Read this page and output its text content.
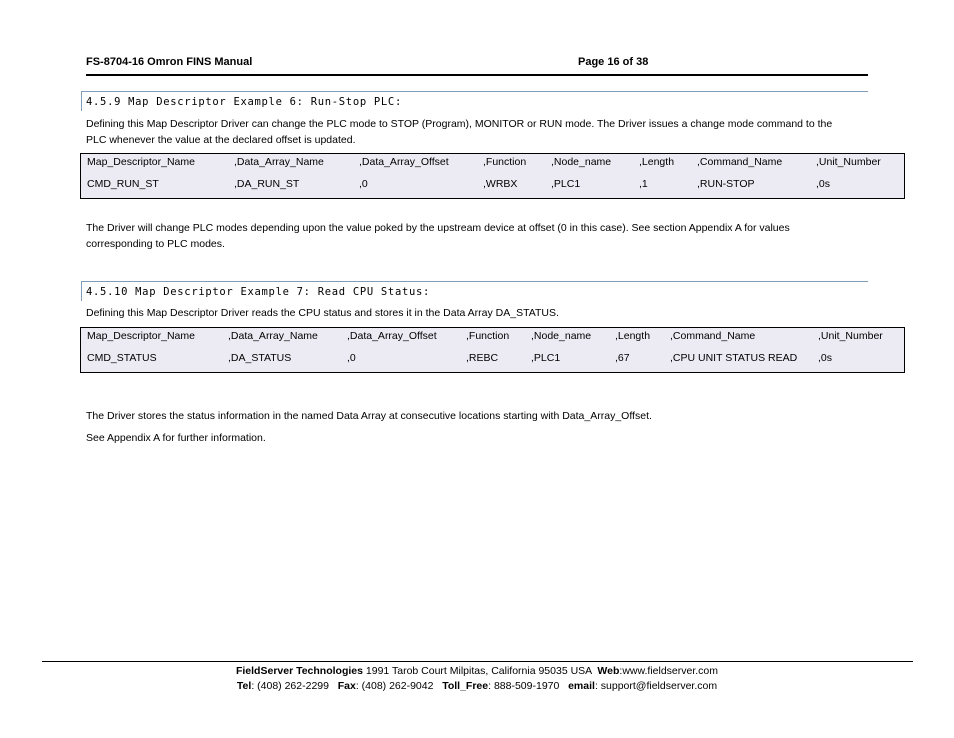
FS-8704-16 Omron FINS Manual	Page 16 of 38
4.5.9 Map Descriptor Example 6: Run-Stop PLC:
Defining this Map Descriptor Driver can change the PLC mode to STOP (Program), MONITOR or RUN mode. The Driver issues a change mode command to the
PLC whenever the value at the declared offset is updated.
Map_Descriptor_Name	,Data_Array_Name	,Data_Array_Offset	,Function ,Node_name	,Length ,Command_Name	,Unit_Number
CMD_RUN_ST	,DA_RUN_ST	,0	,WRBX	,PLC1	,1	,RUN-STOP	,0s
The Driver will change PLC modes depending upon the value poked by the upstream device at offset (0 in this case). See section Appendix A for values
corresponding to PLC modes.
4.5.10 Map Descriptor Example 7: Read CPU Status:
Defining this Map Descriptor Driver reads the CPU status and stores it in the Data Array DA_STATUS.
Map_Descriptor_Name	,Data_Array_Name	,Data_Array_Offset	,Function ,Node_name ,Length ,Command_Name	,Unit_Number
CMD_STATUS	,DA_STATUS	,0	,REBC	,PLC1	,67	,CPU UNIT STATUS READ ,0s
The Driver stores the status information in the named Data Array at consecutive locations starting with Data_Array_Offset.
See Appendix A for further information.
FieldServer Technologies 1991 Tarob Court Milpitas, California 95035 USA  Web:www.fieldserver.com
Tel: (408) 262-2299   Fax: (408) 262-9042   Toll_Free: 888-509-1970   email: support@fieldserver.com
